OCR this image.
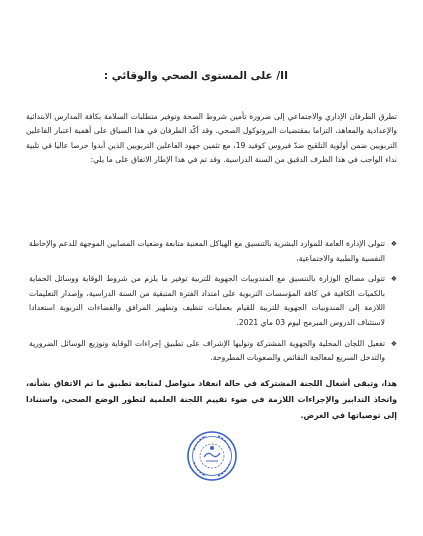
II/ على المستوى الصحي والوقائي :

تطرق الطرفان الإداري والاجتماعي إلى ضرورة تأمين شروط الصحة وتوفير متطلبات السلامة بكافة المدارس الابتدائية والإعدادية والمعاهد، التزاما بمقتضيات البروتوكول الصحي. وقد أكّد الطرفان في هذا السياق على أهمية اعتبار الفاعلين التربويين ضمن أولوية التلقيح ضدّ فيروس كوفيد 19، مع تثمين جهود الفاعلين التربويين الذين أبدوا حرصا عاليا في تلبية نداء الواجب في هذا الظرف الدقيق من السنة الدراسية. وقد تم في هذا الإطار الاتفاق على ما يلي:

❖
تتولى الإدارة العامة للموارد البشرية بالتنسيق مع الهياكل المعنية متابعة وضعيات المصابين الموجهة للدعم والإحاطة النفسية والطبية والاجتماعية،
❖
تتولى مصالح الوزارة بالتنسيق مع المندوبيات الجهوية للتربية توفير ما يلزم من شروط الوقاية ووسائل الحماية بالكميات الكافية في كافة المؤسسات التربوية على امتداد الفترة المتبقية من السنة الدراسية، وإصدار التعليمات اللازمة إلى المندوبيات الجهوية للتربية للقيام بعمليات تنظيف وتطهير المرافق والفضاءات التربوية استعدادا لاستئناف الدروس المبرمج ليوم 03 ماي 2021.
❖
تفعيل اللجان المحلية والجهوية المشتركة وتوليها الإشراف على تطبيق إجراءات الوقاية وتوزيع الوسائل الضرورية والتدخل السريع لمعالجة النقائص والصعوبات المطروحة.

هذا، وتبقى أشغال اللجنة المشتركة في حالة انعقاد متواصل لمتابعة تطبيق ما تم الاتفاق بشأنه، واتخاذ التدابير والإجراءات اللازمة في ضوء تقييم اللجنة العلمية لتطور الوضع الصحي، واستنادا إلى توصياتها في الغرض.
